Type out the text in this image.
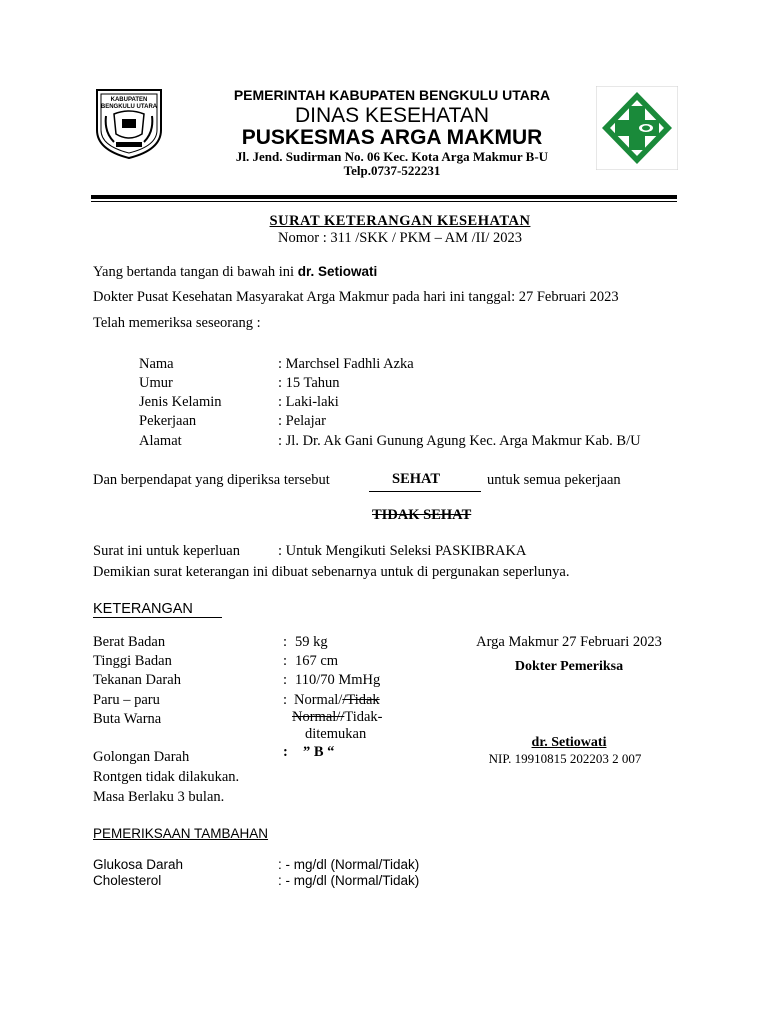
KABUPATEN
BENGKULU UTARA
PEMERINTAH KABUPATEN BENGKULU UTARA
DINAS KESEHATAN
PUSKESMAS ARGA MAKMUR
Jl. Jend. Sudirman No. 06 Kec. Kota Arga Makmur B-U
Telp.0737-522231
SURAT KETERANGAN KESEHATAN
Nomor : 311 /SKK / PKM – AM /II/ 2023
Yang bertanda tangan di bawah ini dr. Setiowati
Dokter Pusat Kesehatan Masyarakat Arga Makmur pada hari ini tanggal: 27 Februari 2023
Telah memeriksa seseorang :
Nama	: Marchsel Fadhli Azka
Umur	: 15 Tahun
Jenis Kelamin	: Laki-laki
Pekerjaan	: Pelajar
Alamat	: Jl. Dr. Ak Gani Gunung Agung Kec. Arga Makmur Kab. B/U
Dan berpendapat yang diperiksa tersebut	SEHAT	untuk semua pekerjaan
TIDAK SEHAT
Surat ini untuk keperluan	: Untuk Mengikuti Seleksi PASKIBRAKA
Demikian surat keterangan ini dibuat sebenarnya untuk di pergunakan seperlunya.
KETERANGAN
Berat Badan	: 59 kg
Tinggi Badan	: 167 cm
Tekanan Darah	: 110/70 MmHg
Paru – paru	: Normal//Tidak
Buta Warna	Normal//Tidak-
ditemukan
Golongan Darah	: ” B “
Rontgen tidak dilakukan.
Masa Berlaku 3 bulan.
Arga Makmur 27 Februari 2023
Dokter Pemeriksa
dr. Setiowati
NIP. 19910815 202203 2 007
PEMERIKSAAN TAMBAHAN
Glukosa Darah	: - mg/dl (Normal/Tidak)
Cholesterol	: - mg/dl (Normal/Tidak)
